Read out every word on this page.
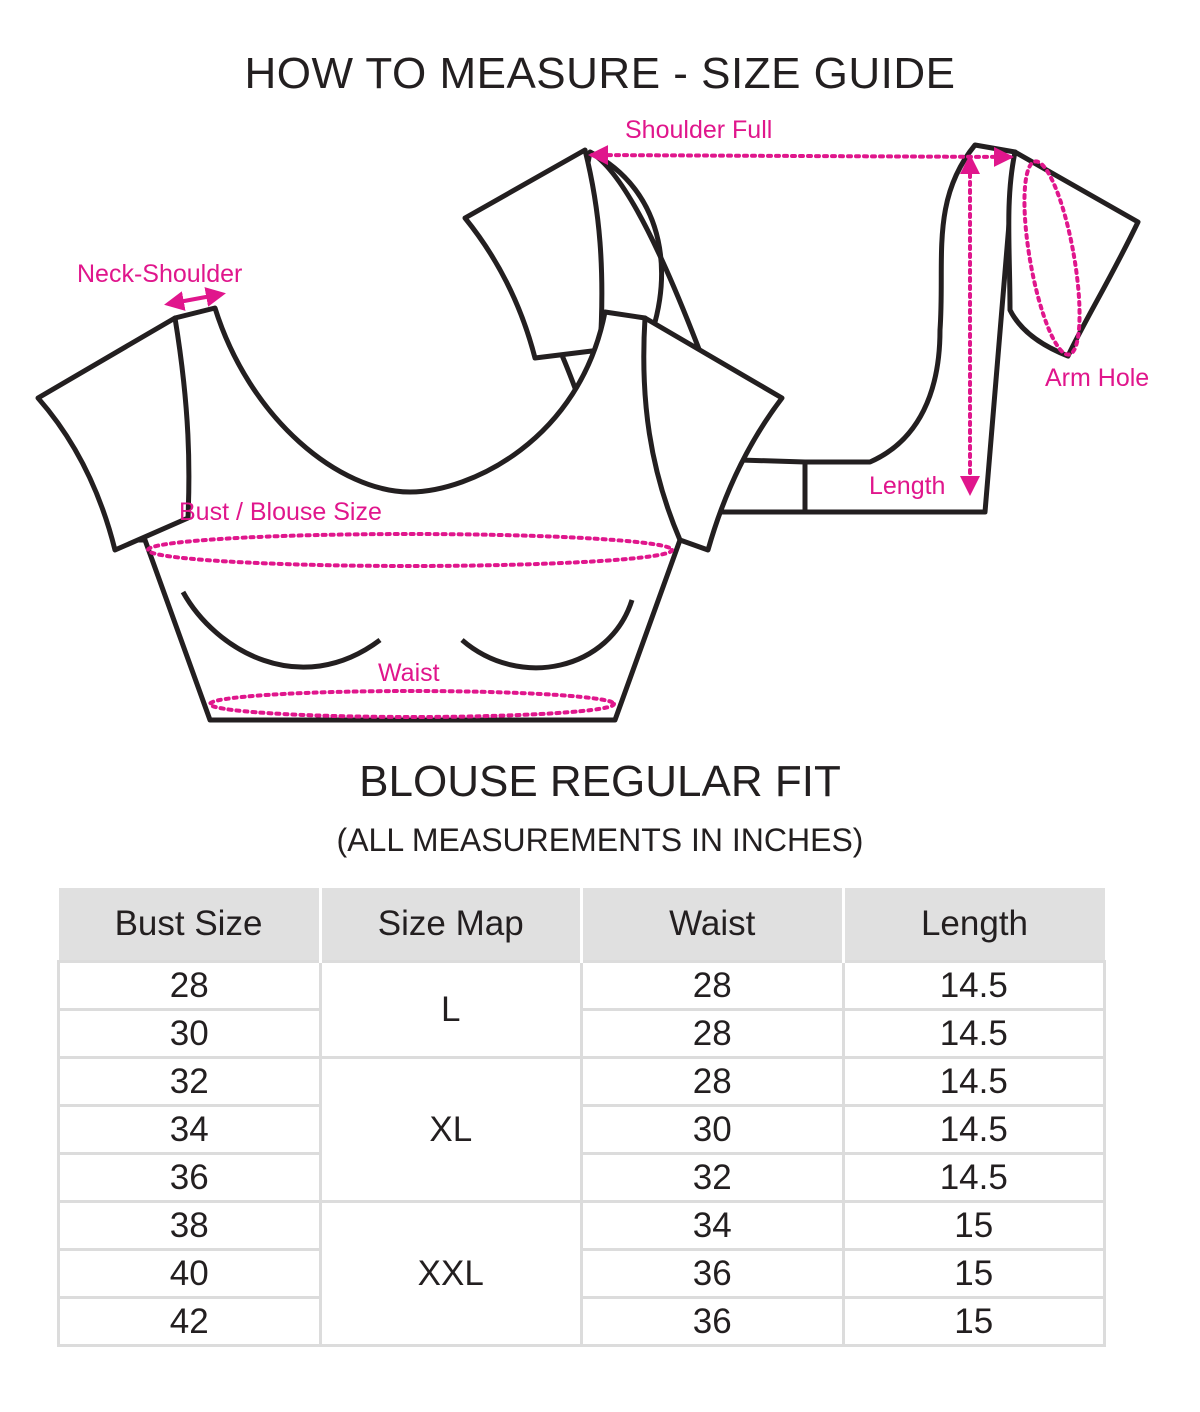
HOW TO MEASURE - SIZE GUIDE
Shoulder Full
Neck-Shoulder
Arm Hole
Length
Bust / Blouse Size
Waist
BLOUSE REGULAR FIT
(ALL MEASUREMENTS IN INCHES)
Bust Size	Size Map	Waist	Length
28	L	28	14.5
30		28	14.5
32	XL	28	14.5
34		30	14.5
36		32	14.5
38	XXL	34	15
40		36	15
42		36	15
